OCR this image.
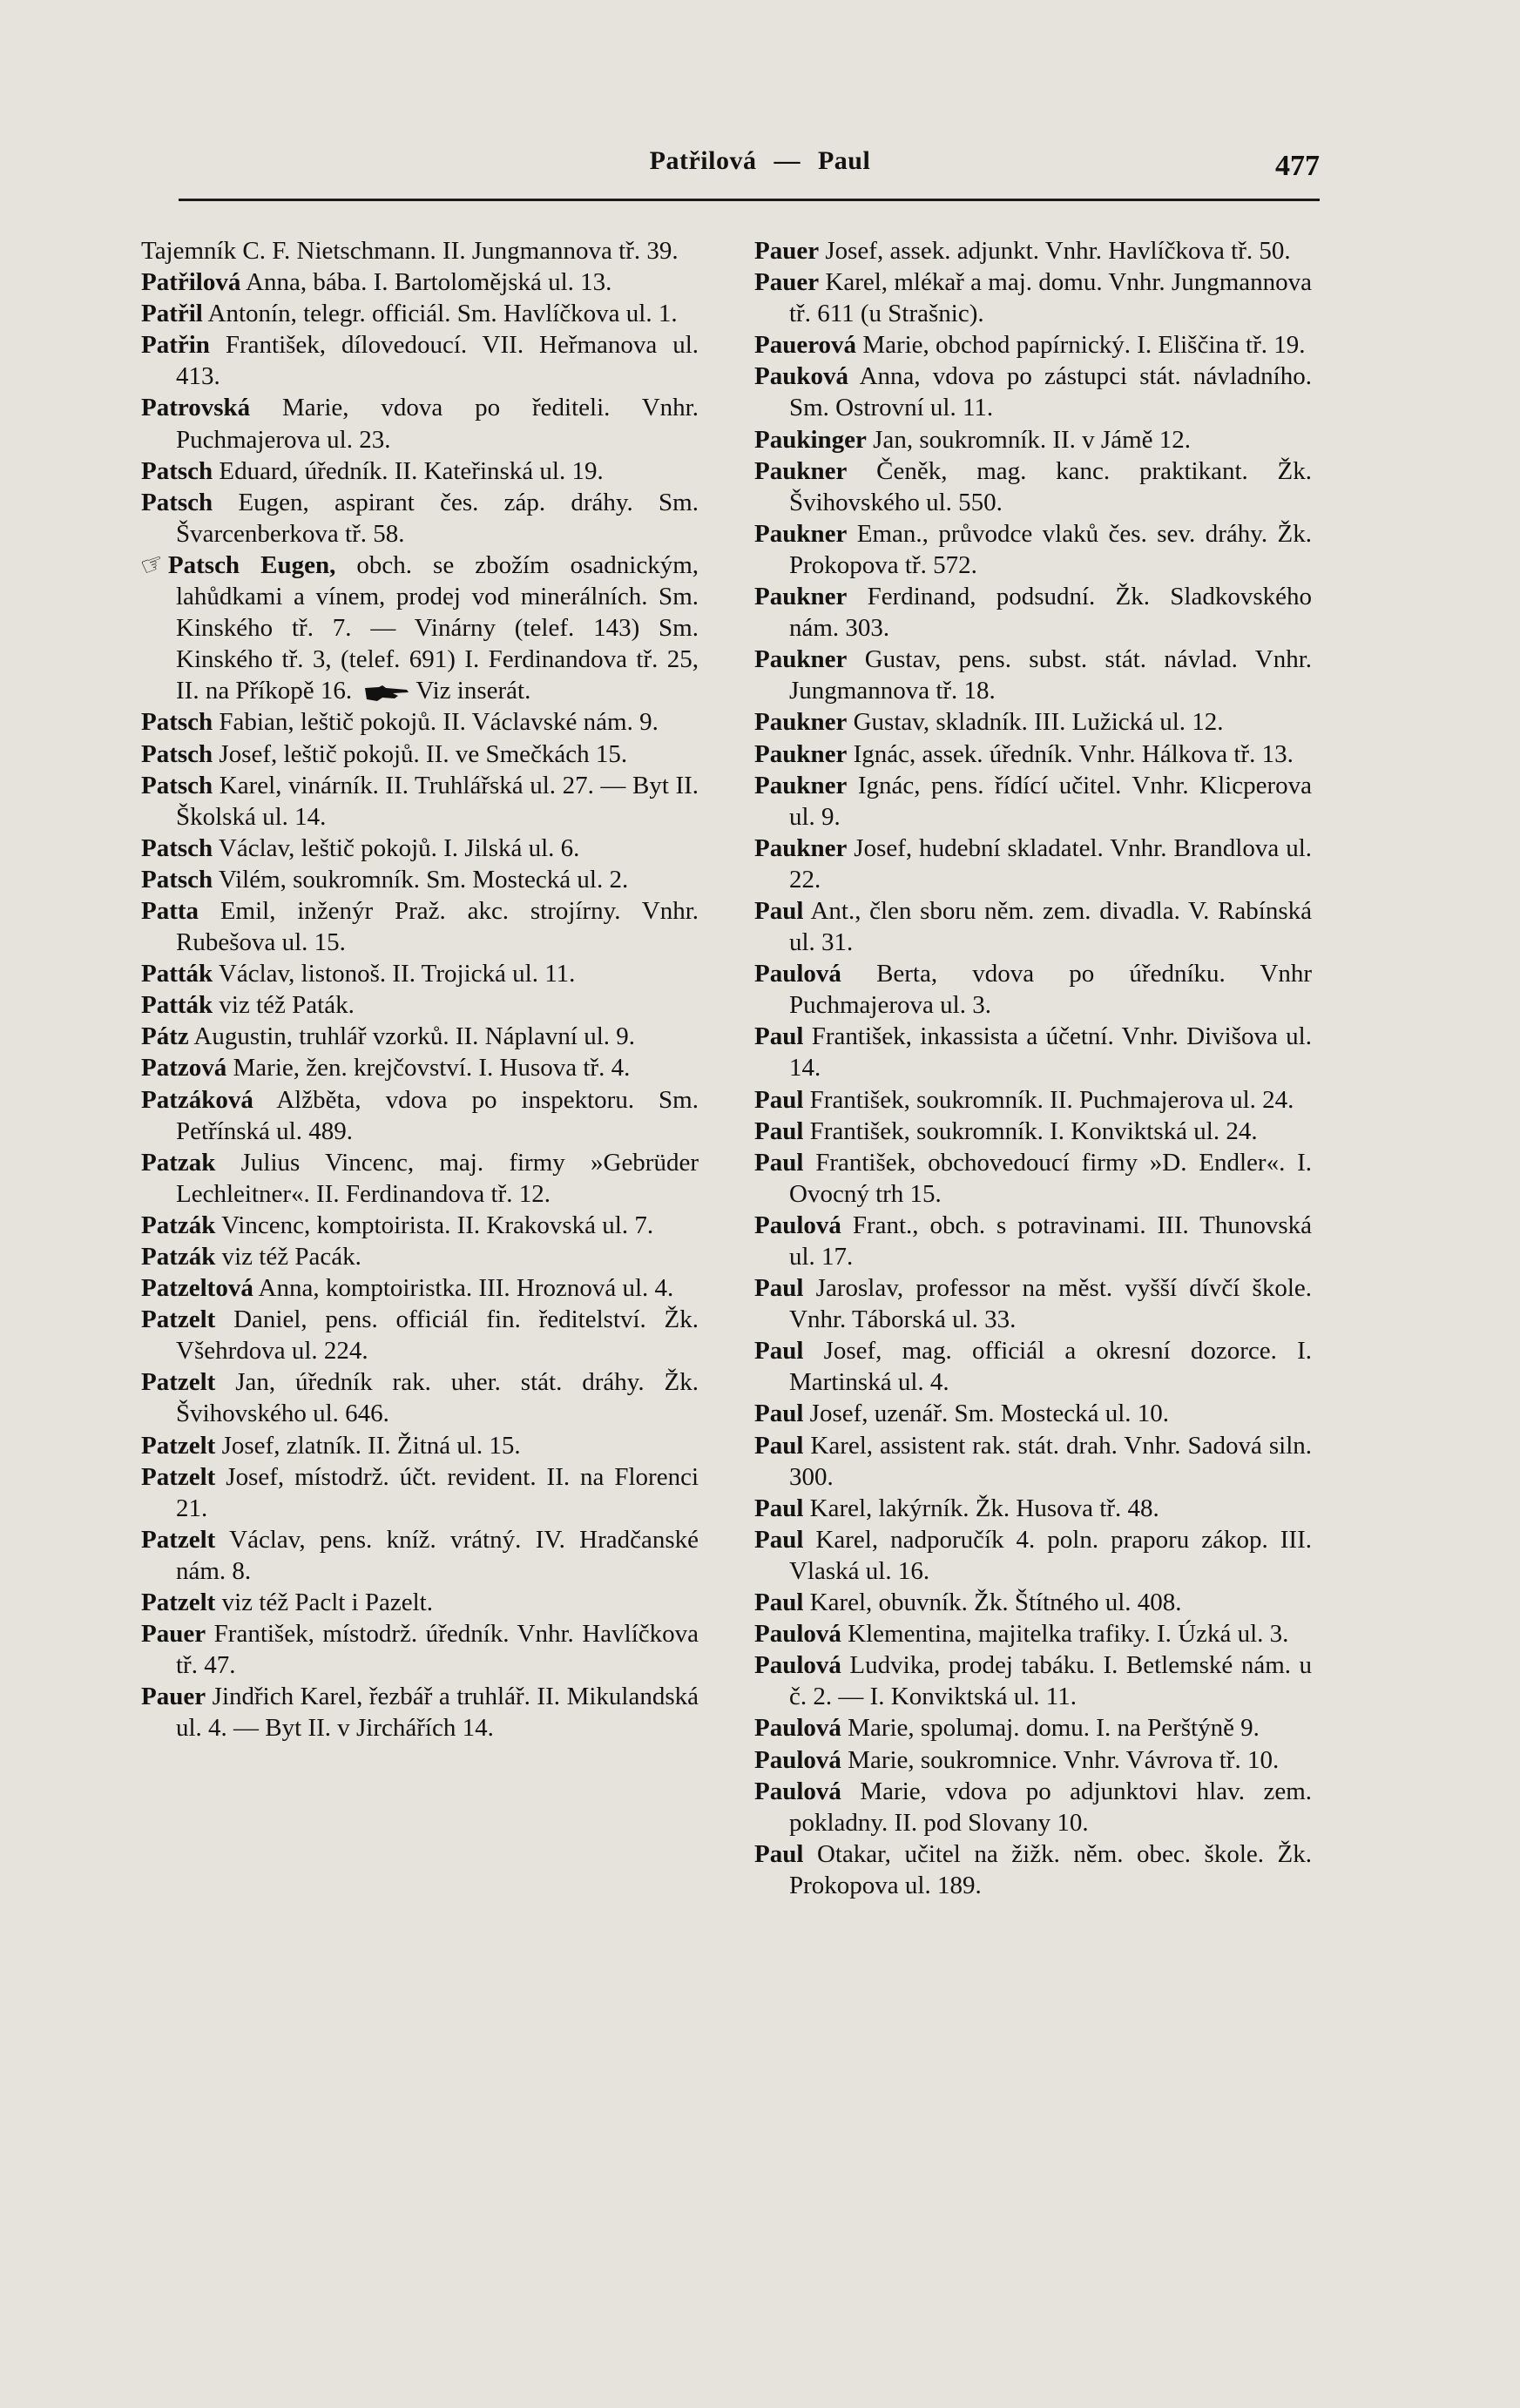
Patřilová — Paul	477

Tajemník C. F. Nietschmann. II. Jungmannova tř. 39.

Patřilová Anna, bába. I. Bartolomějská ul. 13.

Patřil Antonín, telegr. officiál. Sm. Havlíčkova ul. 1.

Patřin František, dílovedoucí. VII. Heřmanova ul. 413.

Patrovská Marie, vdova po řediteli. Vnhr. Puchmajerova ul. 23.

Patsch Eduard, úředník. II. Kateřinská ul. 19.

Patsch Eugen, aspirant čes. záp. dráhy. Sm. Švarcenberkova tř. 58.

☞Patsch Eugen, obch. se zbožím osadnickým, lahůdkami a vínem, prodej vod minerálních. Sm. Kinského tř. 7. — Vinárny (telef. 143) Sm. Kinského tř. 3, (telef. 691) I. Ferdinandova tř. 25, II. na Příkopě 16.	Viz inserát.

Patsch Fabian, leštič pokojů. II. Václavské nám. 9.

Patsch Josef, leštič pokojů. II. ve Smečkách 15.

Patsch Karel, vinárník. II. Truhlářská ul. 27. — Byt II. Školská ul. 14.

Patsch Václav, leštič pokojů. I. Jilská ul. 6.

Patsch Vilém, soukromník. Sm. Mostecká ul. 2.

Patta Emil, inženýr Praž. akc. strojírny. Vnhr. Rubešova ul. 15.

Patták Václav, listonoš. II. Trojická ul. 11.

Patták viz též Paták.

Pátz Augustin, truhlář vzorků. II. Náplavní ul. 9.

Patzová Marie, žen. krejčovství. I. Husova tř. 4.

Patzáková Alžběta, vdova po inspektoru. Sm. Petřínská ul. 489.

Patzak Julius Vincenc, maj. firmy »Gebrüder Lechleitner«. II. Ferdinandova tř. 12.

Patzák Vincenc, komptoirista. II. Krakovská ul. 7.

Patzák viz též Pacák.

Patzeltová Anna, komptoiristka. III. Hroznová ul. 4.

Patzelt Daniel, pens. officiál fin. ředitelství. Žk. Všehrdova ul. 224.

Patzelt Jan, úředník rak. uher. stát. dráhy. Žk. Švihovského ul. 646.

Patzelt Josef, zlatník. II. Žitná ul. 15.

Patzelt Josef, místodrž. účt. revident. II. na Florenci 21.

Patzelt Václav, pens. kníž. vrátný. IV. Hradčanské nám. 8.

Patzelt viz též Paclt i Pazelt.

Pauer František, místodrž. úředník. Vnhr. Havlíčkova tř. 47.

Pauer Jindřich Karel, řezbář a truhlář. II. Mikulandská ul. 4. — Byt II. v Jirchářích 14.

Pauer Josef, assek. adjunkt. Vnhr. Havlíčkova tř. 50.

Pauer Karel, mlékař a maj. domu. Vnhr. Jungmannova tř. 611 (u Strašnic).

Pauerová Marie, obchod papírnický. I. Eliščina tř. 19.

Pauková Anna, vdova po zástupci stát. návladního. Sm. Ostrovní ul. 11.

Paukinger Jan, soukromník. II. v Jámě 12.

Paukner Čeněk, mag. kanc. praktikant. Žk. Švihovského ul. 550.

Paukner Eman., průvodce vlaků čes. sev. dráhy. Žk. Prokopova tř. 572.

Paukner Ferdinand, podsudní. Žk. Sladkovského nám. 303.

Paukner Gustav, pens. subst. stát. návlad. Vnhr. Jungmannova tř. 18.

Paukner Gustav, skladník. III. Lužická ul. 12.

Paukner Ignác, assek. úředník. Vnhr. Hálkova tř. 13.

Paukner Ignác, pens. řídící učitel. Vnhr. Klicperova ul. 9.

Paukner Josef, hudební skladatel. Vnhr. Brandlova ul. 22.

Paul Ant., člen sboru něm. zem. divadla. V. Rabínská ul. 31.

Paulová Berta, vdova po úředníku. Vnhr Puchmajerova ul. 3.

Paul František, inkassista a účetní. Vnhr. Divišova ul. 14.

Paul František, soukromník. II. Puchmajerova ul. 24.

Paul František, soukromník. I. Konviktská ul. 24.

Paul František, obchovedoucí firmy »D. Endler«. I. Ovocný trh 15.

Paulová Frant., obch. s potravinami. III. Thunovská ul. 17.

Paul Jaroslav, professor na měst. vyšší dívčí škole. Vnhr. Táborská ul. 33.

Paul Josef, mag. officiál a okresní dozorce. I. Martinská ul. 4.

Paul Josef, uzenář. Sm. Mostecká ul. 10.

Paul Karel, assistent rak. stát. drah. Vnhr. Sadová siln. 300.

Paul Karel, lakýrník. Žk. Husova tř. 48.

Paul Karel, nadporučík 4. poln. praporu zákop. III. Vlaská ul. 16.

Paul Karel, obuvník. Žk. Štítného ul. 408.

Paulová Klementina, majitelka trafiky. I. Úzká ul. 3.

Paulová Ludvika, prodej tabáku. I. Betlemské nám. u č. 2. — I. Konviktská ul. 11.

Paulová Marie, spolumaj. domu. I. na Perštýně 9.

Paulová Marie, soukromnice. Vnhr. Vávrova tř. 10.

Paulová Marie, vdova po adjunktovi hlav. zem. pokladny. II. pod Slovany 10.

Paul Otakar, učitel na žižk. něm. obec. škole. Žk. Prokopova ul. 189.
